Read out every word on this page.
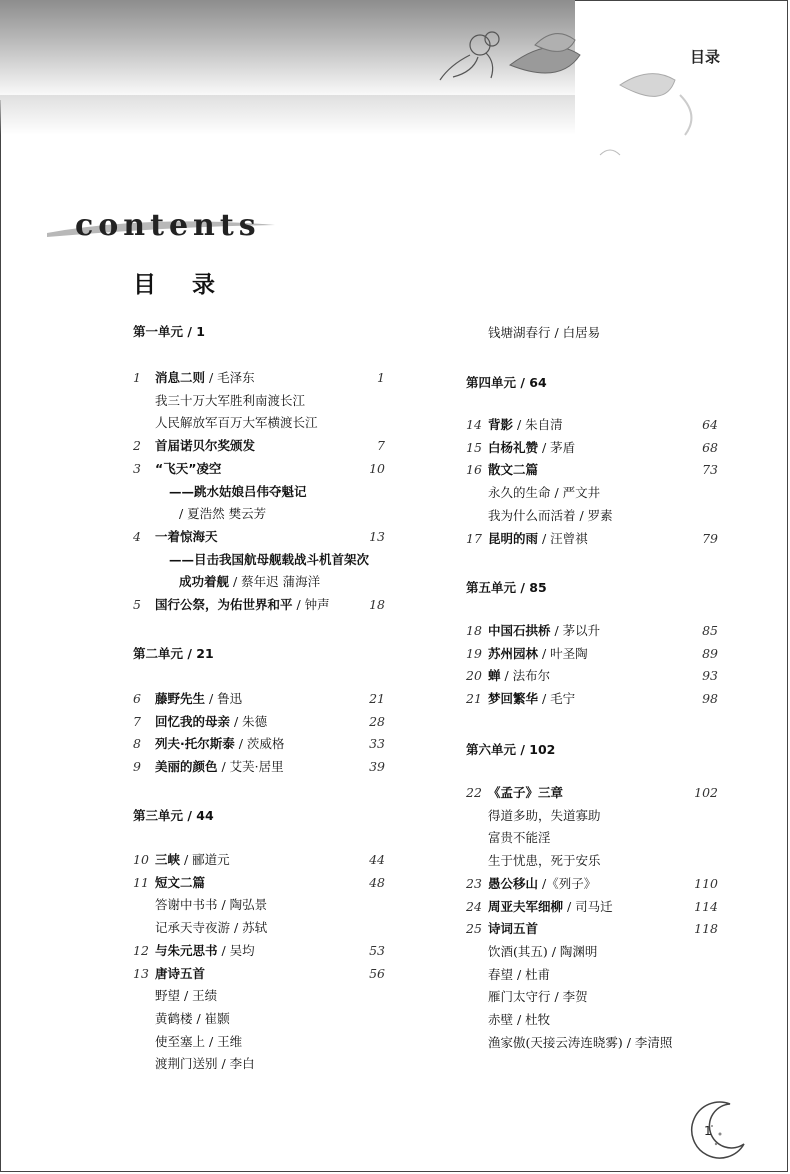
目录
contents
目 录
第一单元 / 1
1 消息二则 / 毛泽东	1
我三十万大军胜利南渡长江
人民解放军百万大军横渡长江
2 首届诺贝尔奖颁发	7
3 “飞天”凌空	10
——跳水姑娘吕伟夺魁记
/ 夏浩然 樊云芳
4 一着惊海天	13
——目击我国航母舰载战斗机首架次
成功着舰 / 蔡年迟 蒲海洋
5 国行公祭，为佑世界和平 / 钟声	18
第二单元 / 21
6 藤野先生 / 鲁迅	21
7 回忆我的母亲 / 朱德	28
8 列夫·托尔斯泰 / 茨威格	33
9 美丽的颜色 / 艾芙·居里	39
第三单元 / 44
10 三峡 / 郦道元	44
11 短文二篇	48
答谢中书书 / 陶弘景
记承天寺夜游 / 苏轼
12 与朱元思书 / 吴均	53
13 唐诗五首	56
野望 / 王绩
黄鹤楼 / 崔颢
使至塞上 / 王维
渡荆门送别 / 李白
钱塘湖春行 / 白居易
第四单元 / 64
14 背影 / 朱自清	64
15 白杨礼赞 / 茅盾	68
16 散文二篇	73
永久的生命 / 严文井
我为什么而活着 / 罗素
17 昆明的雨 / 汪曾祺	79
第五单元 / 85
18 中国石拱桥 / 茅以升	85
19 苏州园林 / 叶圣陶	89
20 蝉 / 法布尔	93
21 梦回繁华 / 毛宁	98
第六单元 / 102
22 《孟子》三章	102
得道多助，失道寡助
富贵不能淫
生于忧患，死于安乐
23 愚公移山 /《列子》	110
24 周亚夫军细柳 / 司马迁	114
25 诗词五首	118
饮酒(其五) / 陶渊明
春望 / 杜甫
雁门太守行 / 李贺
赤壁 / 杜牧
渔家傲(天接云涛连晓雾) / 李清照
1
